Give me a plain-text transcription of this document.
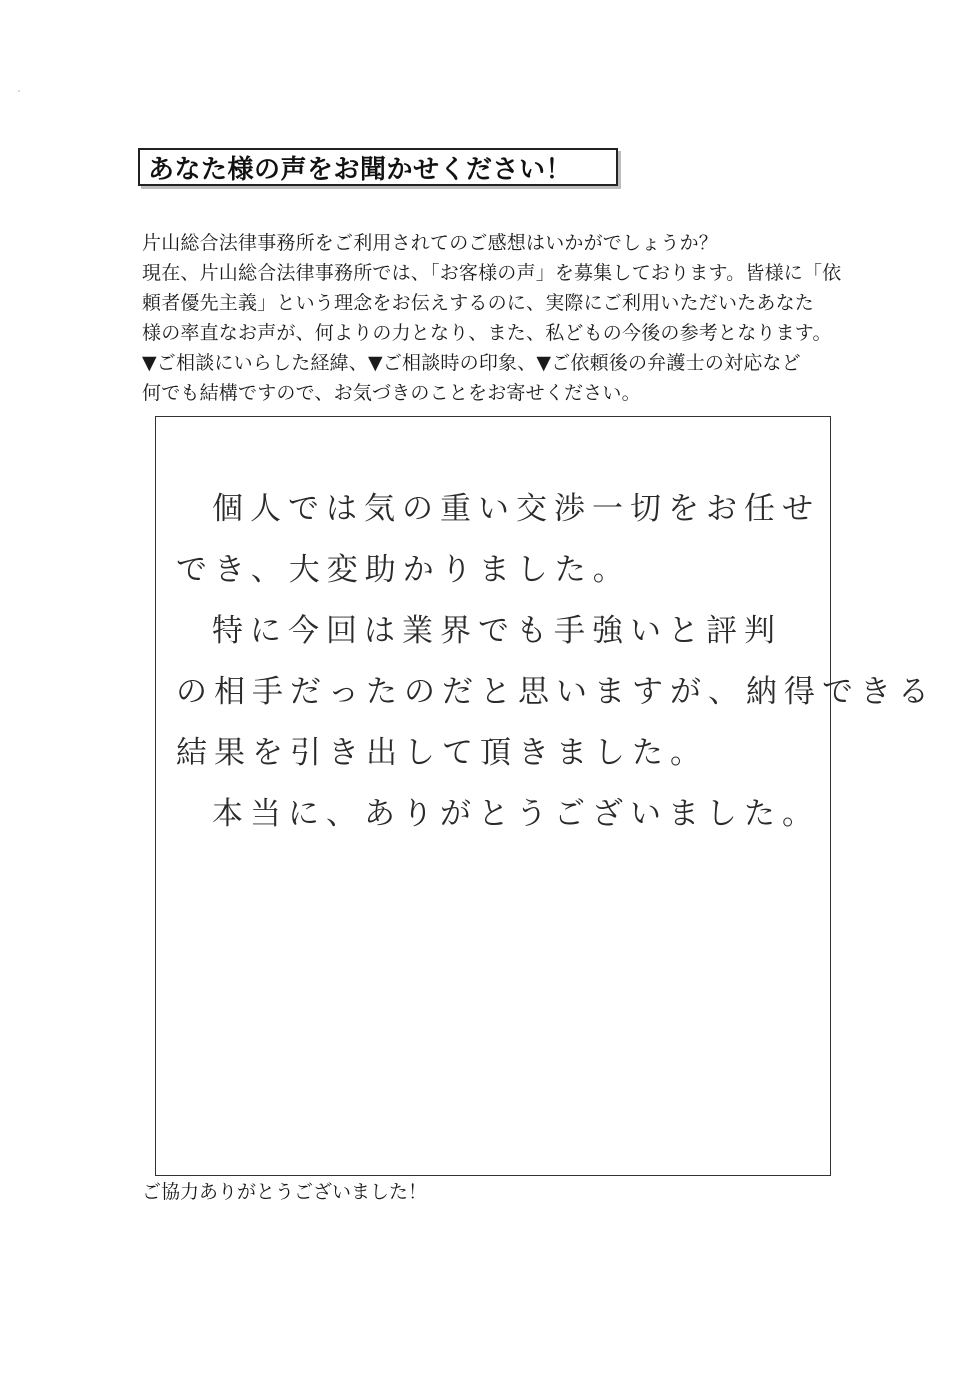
あなた様の声をお聞かせください！
片山総合法律事務所をご利用されてのご感想はいかがでしょうか？
現在、片山総合法律事務所では、「お客様の声」を募集しております。皆様に「依
頼者優先主義」という理念をお伝えするのに、実際にご利用いただいたあなた
様の率直なお声が、何よりの力となり、また、私どもの今後の参考となります。
▼ご相談にいらした経緯、▼ご相談時の印象、▼ご依頼後の弁護士の対応など
何でも結構ですので、お気づきのことをお寄せください。
個人では気の重い交渉一切をお任せ
でき、大変助かりました。
特に今回は業界でも手強いと評判
の相手だったのだと思いますが、納得できる
結果を引き出して頂きました。
本当に、ありがとうございました。
ご協力ありがとうございました！
